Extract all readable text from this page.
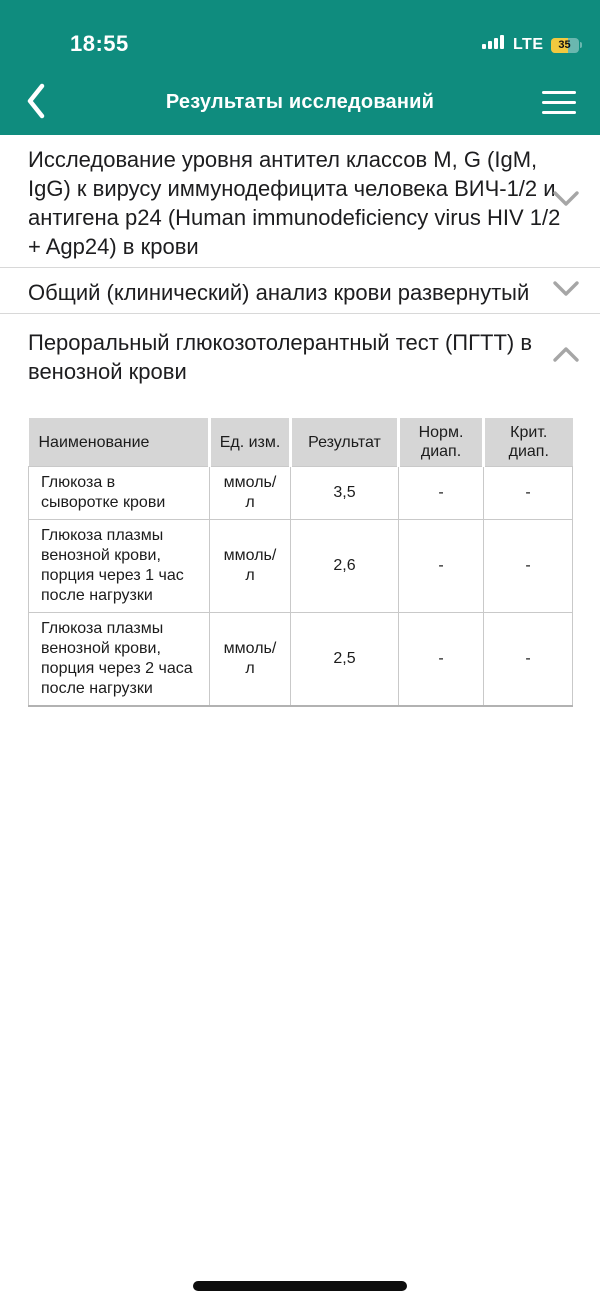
18:55	LTE	35
Результаты исследований
Исследование уровня антител классов M, G (IgM, IgG) к вирусу иммунодефицита человека ВИЧ-1/2 и антигена p24 (Human immunodeficiency virus HIV 1/2 + Agp24) в крови
Общий (клинический) анализ крови развернутый
Пероральный глюкозотолерантный тест (ПГТТ) в венозной крови
Наименование	Ед. изм.	Результат	Норм. диап.	Крит. диап.
Глюкоза в сыворотке крови	ммоль/л	3,5	-	-
Глюкоза плазмы венозной крови, порция через 1 час после нагрузки	ммоль/л	2,6	-	-
Глюкоза плазмы венозной крови, порция через 2 часа после нагрузки	ммоль/л	2,5	-	-
